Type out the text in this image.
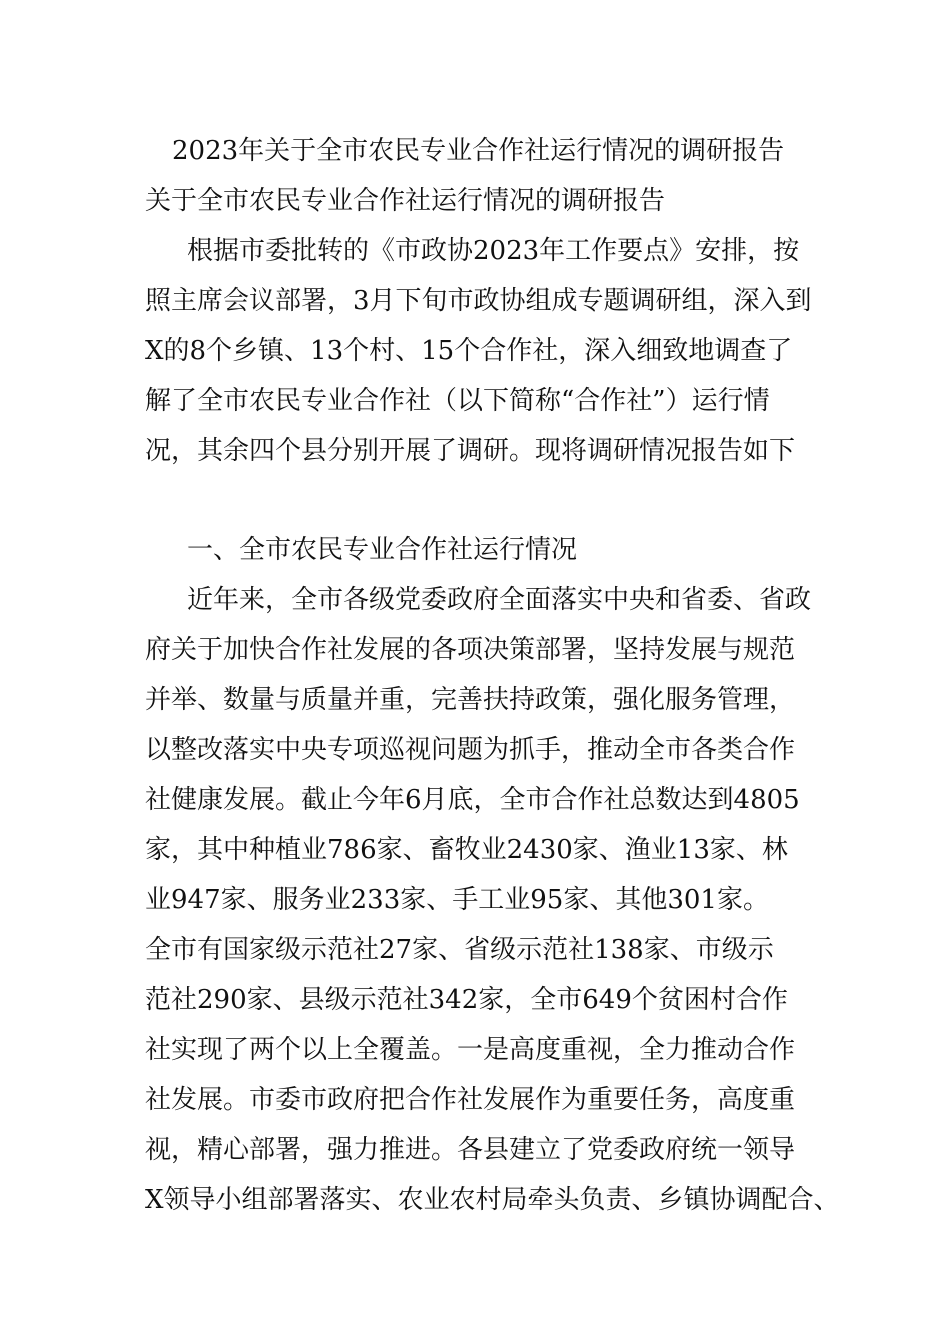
2023年关于全市农民专业合作社运行情况的调研报告
关于全市农民专业合作社运行情况的调研报告
根据市委批转的《市政协2023年工作要点》安排，按
照主席会议部署，3月下旬市政协组成专题调研组，深入到
X的8个乡镇、13个村、15个合作社，深入细致地调查了
解了全市农民专业合作社（以下简称“合作社”）运行情
况，其余四个县分别开展了调研。现将调研情况报告如下
一、全市农民专业合作社运行情况
近年来，全市各级党委政府全面落实中央和省委、省政
府关于加快合作社发展的各项决策部署，坚持发展与规范
并举、数量与质量并重，完善扶持政策，强化服务管理，
以整改落实中央专项巡视问题为抓手，推动全市各类合作
社健康发展。截止今年6月底，全市合作社总数达到4805
家，其中种植业786家、畜牧业2430家、渔业13家、林
业947家、服务业233家、手工业95家、其他301家。
全市有国家级示范社27家、省级示范社138家、市级示
范社290家、县级示范社342家，全市649个贫困村合作
社实现了两个以上全覆盖。一是高度重视，全力推动合作
社发展。市委市政府把合作社发展作为重要任务，高度重
视，精心部署，强力推进。各县建立了党委政府统一领导
X领导小组部署落实、农业农村局牵头负责、乡镇协调配合、
